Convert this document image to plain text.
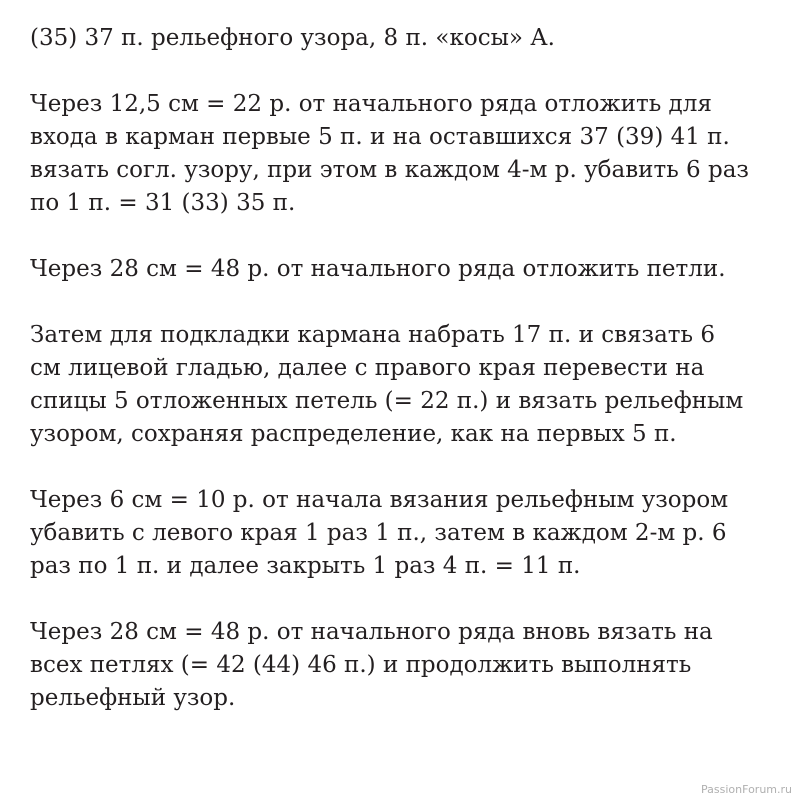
(35) 37 п. рельефного узора, 8 п. «косы» А.

Через 12,5 см = 22 р. от начального ряда отложить для
входа в карман первые 5 п. и на оставшихся 37 (39) 41 п.
вязать согл. узору, при этом в каждом 4-м р. убавить 6 раз
по 1 п. = 31 (33) 35 п.

Через 28 см = 48 р. от начального ряда отложить петли.

Затем для подкладки кармана набрать 17 п. и связать 6
см лицевой гладью, далее с правого края перевести на
спицы 5 отложенных петель (= 22 п.) и вязать рельефным
узором, сохраняя распределение, как на первых 5 п.

Через 6 см = 10 р. от начала вязания рельефным узором
убавить с левого края 1 раз 1 п., затем в каждом 2-м р. 6
раз по 1 п. и далее закрыть 1 раз 4 п. = 11 п.

Через 28 см = 48 р. от начального ряда вновь вязать на
всех петлях (= 42 (44) 46 п.) и продолжить выполнять
рельефный узор.

PassionForum.ru
